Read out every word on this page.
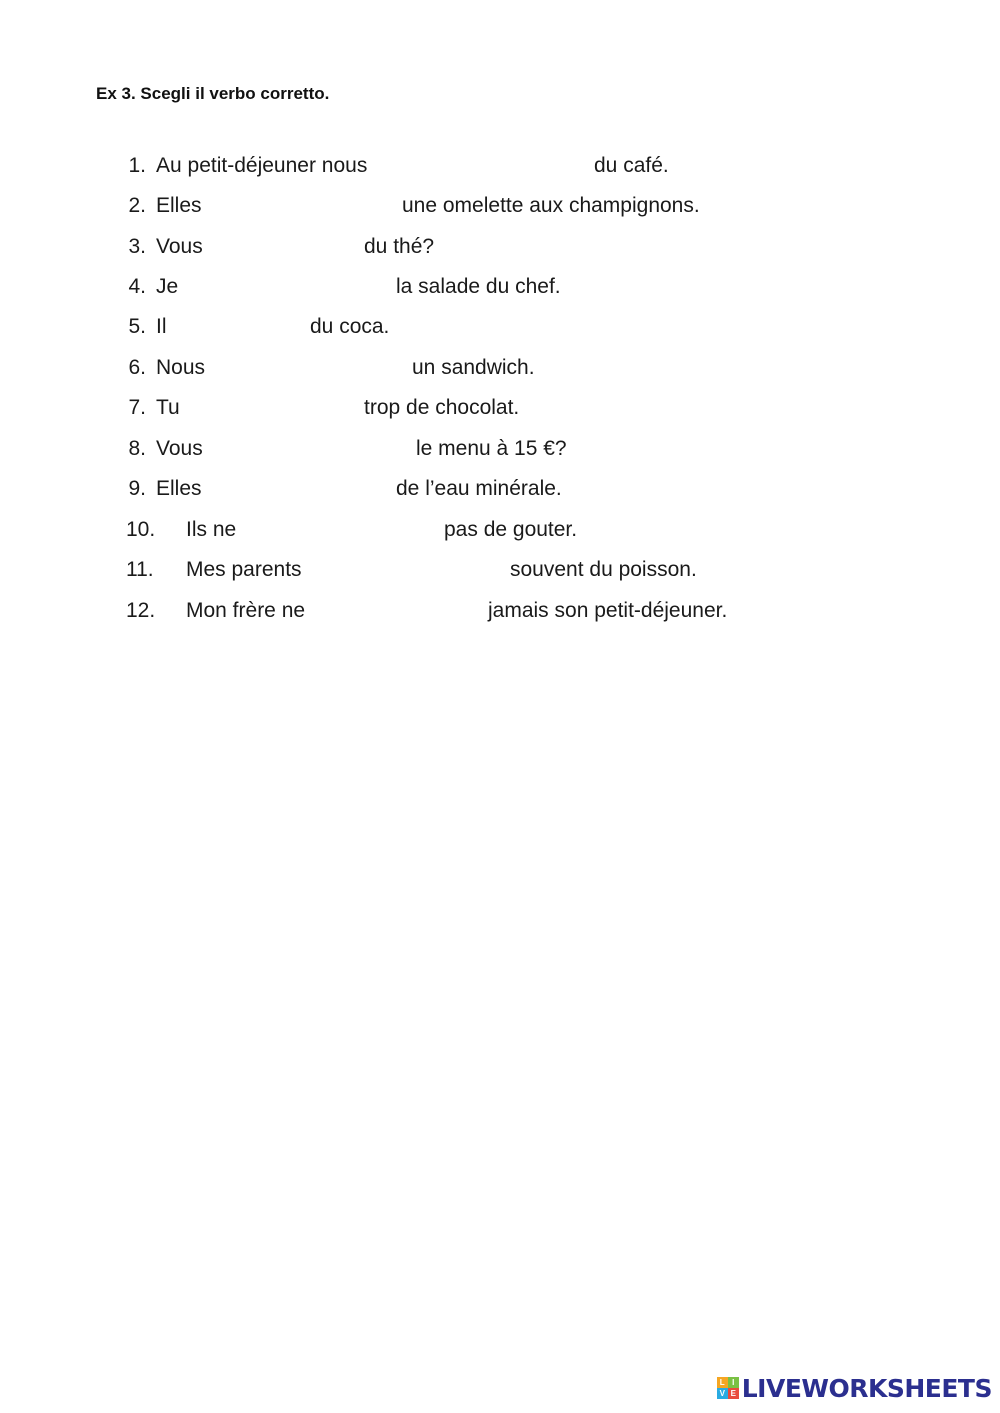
Ex 3. Scegli il verbo corretto.
1. Au petit-déjeuner nous	du café.
2. Elles	une omelette aux champignons.
3. Vous	du thé?
4. Je	la salade du chef.
5. Il	du coca.
6. Nous	un sandwich.
7. Tu	trop de chocolat.
8. Vous	le menu à 15 €?
9. Elles	de l’eau minérale.
10.	Ils ne	pas de gouter.
11.	Mes parents	souvent du poisson.
12.	Mon frère ne	jamais son petit-déjeuner.
L I
V E LIVEWORKSHEETS
